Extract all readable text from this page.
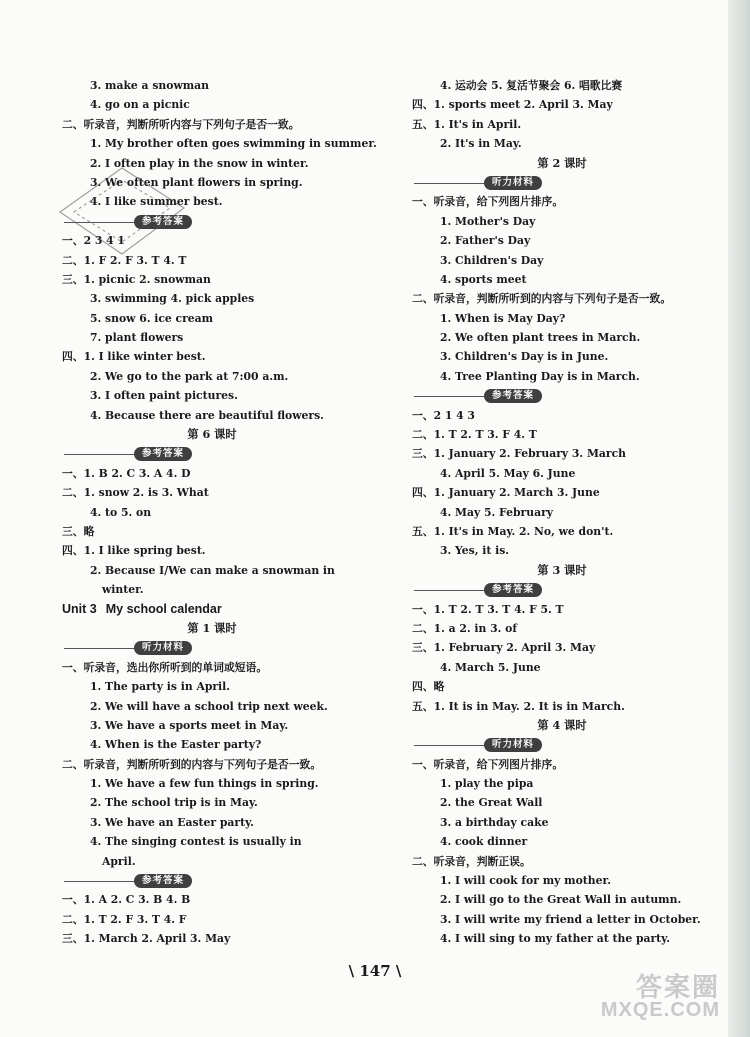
3. make a snowman
4. go on a picnic
二、听录音，判断所听内容与下列句子是否一致。
1. My brother often goes swimming in summer.
2. I often play in the snow in winter.
3. We often plant flowers in spring.
4. I like summer best.
参考答案
一、2 3 4 1
二、1. F 2. F 3. T 4. T
三、1. picnic 2. snowman
3. swimming 4. pick apples
5. snow 6. ice cream
7. plant flowers
四、1. I like winter best.
2. We go to the park at 7:00 a.m.
3. I often paint pictures.
4. Because there are beautiful flowers.
第 6 课时
参考答案
一、1. B 2. C 3. A 4. D
二、1. snow 2. is 3. What
4. to 5. on
三、略
四、1. I like spring best.
2. Because I/We can make a snowman in
winter.
Unit 3 My school calendar
第 1 课时
听力材料
一、听录音，选出你所听到的单词或短语。
1. The party is in April.
2. We will have a school trip next week.
3. We have a sports meet in May.
4. When is the Easter party?
二、听录音，判断所听到的内容与下列句子是否一致。
1. We have a few fun things in spring.
2. The school trip is in May.
3. We have an Easter party.
4. The singing contest is usually in
April.
参考答案
一、1. A 2. C 3. B 4. B
二、1. T 2. F 3. T 4. F
三、1. March 2. April 3. May
4. 运动会 5. 复活节聚会 6. 唱歌比赛
四、1. sports meet 2. April 3. May
五、1. It's in April.
2. It's in May.
第 2 课时
听力材料
一、听录音，给下列图片排序。
1. Mother's Day
2. Father's Day
3. Children's Day
4. sports meet
二、听录音，判断所听到的内容与下列句子是否一致。
1. When is May Day?
2. We often plant trees in March.
3. Children's Day is in June.
4. Tree Planting Day is in March.
参考答案
一、2 1 4 3
二、1. T 2. T 3. F 4. T
三、1. January 2. February 3. March
4. April 5. May 6. June
四、1. January 2. March 3. June
4. May 5. February
五、1. It's in May. 2. No, we don't.
3. Yes, it is.
第 3 课时
参考答案
一、1. T 2. T 3. T 4. F 5. T
二、1. a 2. in 3. of
三、1. February 2. April 3. May
4. March 5. June
四、略
五、1. It is in May. 2. It is in March.
第 4 课时
听力材料
一、听录音，给下列图片排序。
1. play the pipa
2. the Great Wall
3. a birthday cake
4. cook dinner
二、听录音，判断正误。
1. I will cook for my mother.
2. I will go to the Great Wall in autumn.
3. I will write my friend a letter in October.
4. I will sing to my father at the party.
\ 147 \
答案圈
MXQE.COM
